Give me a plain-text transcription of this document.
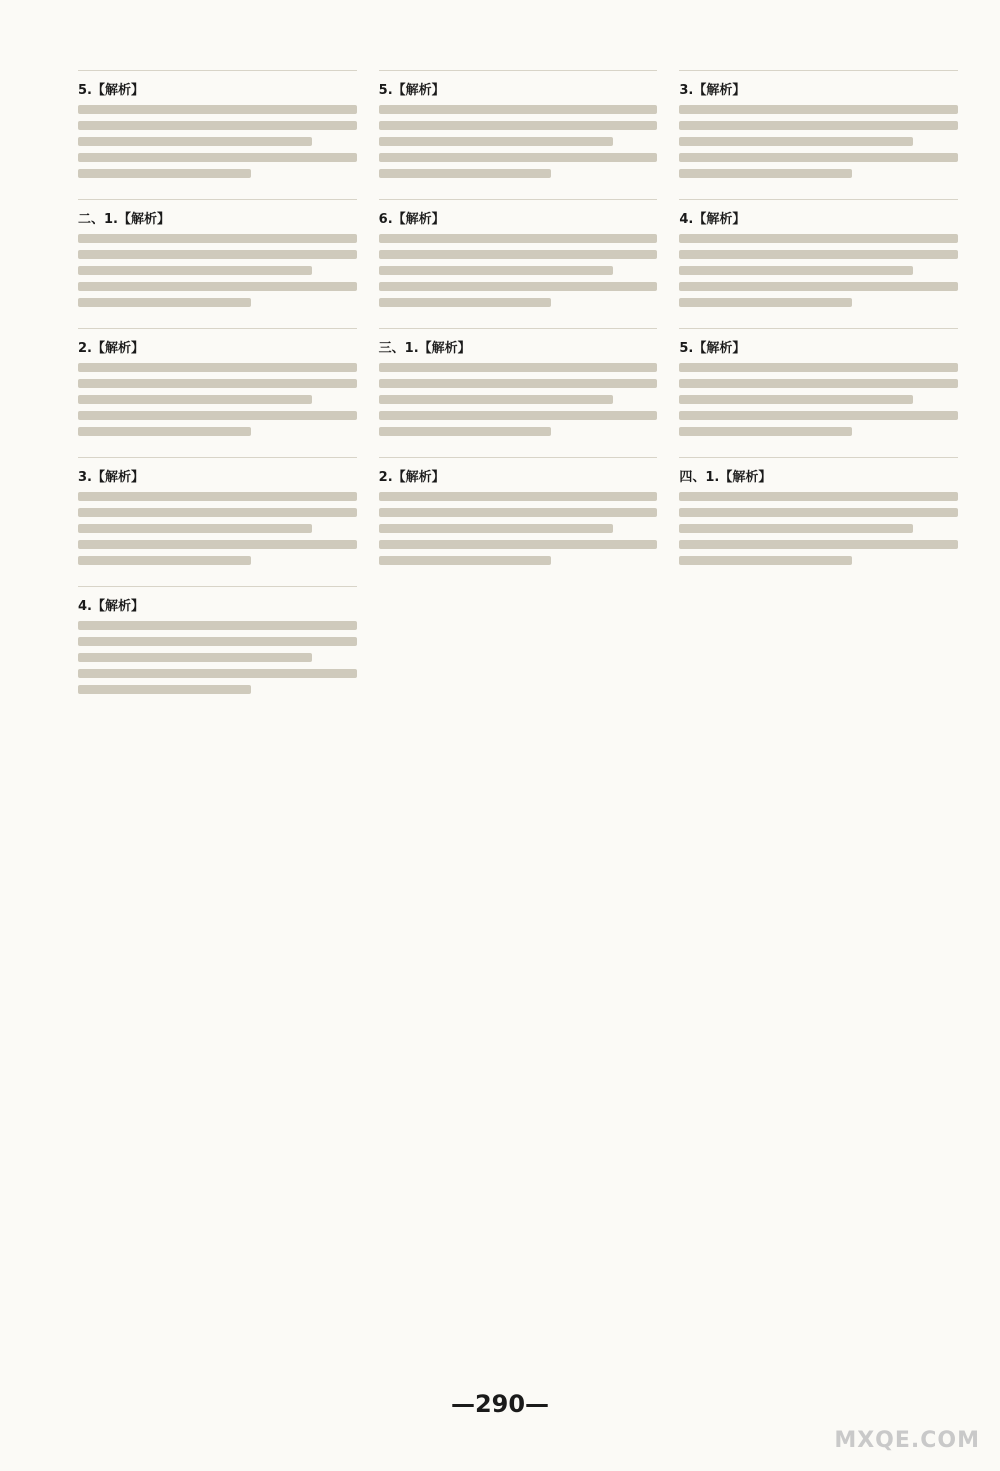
5.【解析】
二、1.【解析】
2.【解析】
3.【解析】
4.【解析】
5.【解析】
6.【解析】
三、1.【解析】
2.【解析】
3.【解析】
4.【解析】
5.【解析】
四、1.【解析】
—290—
MXQE.COM
